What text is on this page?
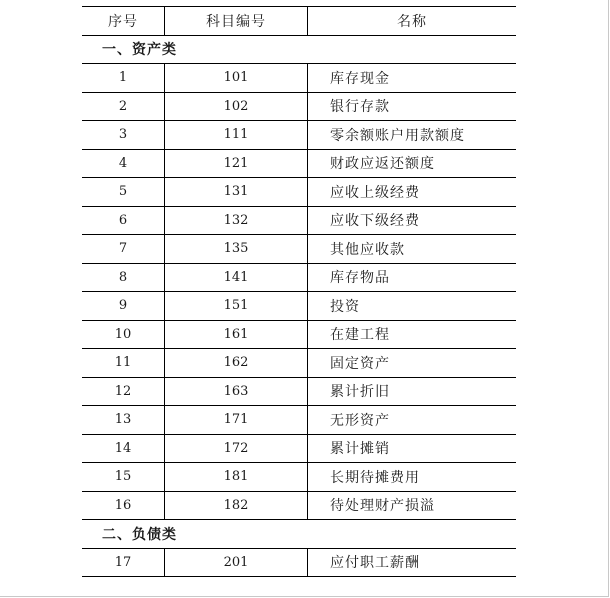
序号	科目编号	名称
一、资产类
1	101	库存现金
2	102	银行存款
3	111	零余额账户用款额度
4	121	财政应返还额度
5	131	应收上级经费
6	132	应收下级经费
7	135	其他应收款
8	141	库存物品
9	151	投资
10	161	在建工程
11	162	固定资产
12	163	累计折旧
13	171	无形资产
14	172	累计摊销
15	181	长期待摊费用
16	182	待处理财产损溢
二、负债类
17	201	应付职工薪酬
